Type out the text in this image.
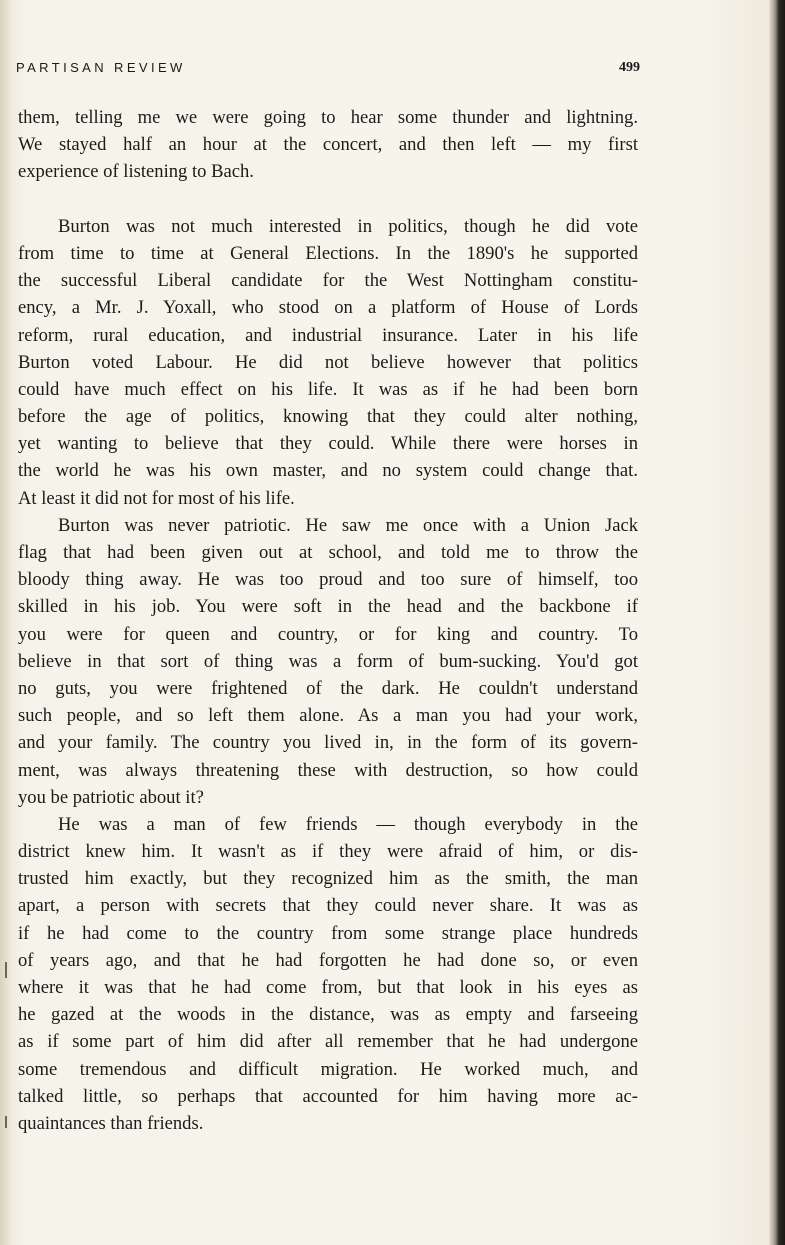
PARTISAN REVIEW	499
them, telling me we were going to hear some thunder and lightning.
We stayed half an hour at the concert, and then left — my first
experience of listening to Bach.
Burton was not much interested in politics, though he did vote
from time to time at General Elections. In the 1890's he supported
the successful Liberal candidate for the West Nottingham constitu-
ency, a Mr. J. Yoxall, who stood on a platform of House of Lords
reform, rural education, and industrial insurance. Later in his life
Burton voted Labour. He did not believe however that politics
could have much effect on his life. It was as if he had been born
before the age of politics, knowing that they could alter nothing,
yet wanting to believe that they could. While there were horses in
the world he was his own master, and no system could change that.
At least it did not for most of his life.
Burton was never patriotic. He saw me once with a Union Jack
flag that had been given out at school, and told me to throw the
bloody thing away. He was too proud and too sure of himself, too
skilled in his job. You were soft in the head and the backbone if
you were for queen and country, or for king and country. To
believe in that sort of thing was a form of bum-sucking. You'd got
no guts, you were frightened of the dark. He couldn't understand
such people, and so left them alone. As a man you had your work,
and your family. The country you lived in, in the form of its govern-
ment, was always threatening these with destruction, so how could
you be patriotic about it?
He was a man of few friends — though everybody in the
district knew him. It wasn't as if they were afraid of him, or dis-
trusted him exactly, but they recognized him as the smith, the man
apart, a person with secrets that they could never share. It was as
if he had come to the country from some strange place hundreds
of years ago, and that he had forgotten he had done so, or even
where it was that he had come from, but that look in his eyes as
he gazed at the woods in the distance, was as empty and farseeing
as if some part of him did after all remember that he had undergone
some tremendous and difficult migration. He worked much, and
talked little, so perhaps that accounted for him having more ac-
quaintances than friends.
